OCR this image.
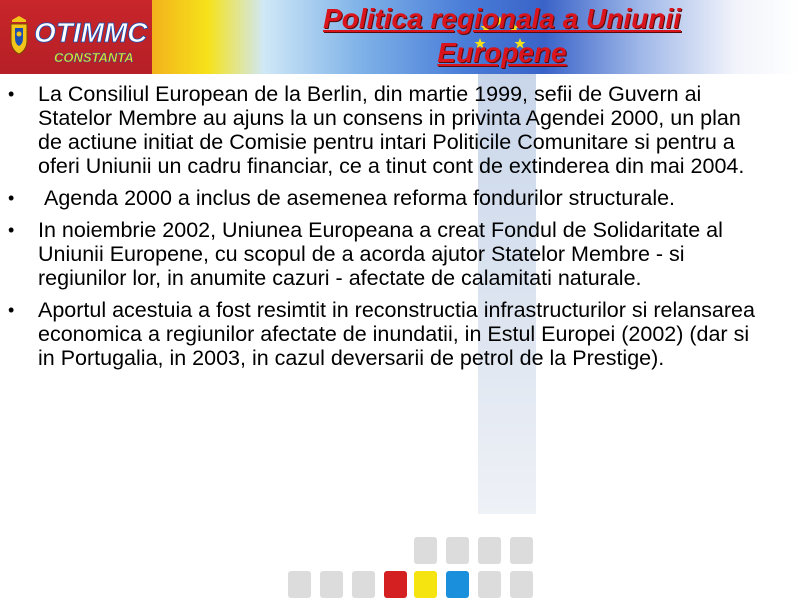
OTIMMC
CONSTANTA
Politica regionala a Uniunii Europene
• La Consiliul European de la Berlin, din martie 1999, sefii de Guvern ai Statelor Membre au ajuns la un consens in privinta Agendei 2000, un plan de actiune initiat de Comisie pentru intari Politicile Comunitare si pentru a oferi Uniunii un cadru financiar, ce a tinut cont de extinderea din mai 2004.
• Agenda 2000 a inclus de asemenea reforma fondurilor structurale.
• In noiembrie 2002, Uniunea Europeana a creat Fondul de Solidaritate al Uniunii Europene, cu scopul de a acorda ajutor Statelor Membre - si regiunilor lor, in anumite cazuri - afectate de calamitati naturale.
• Aportul acestuia a fost resimtit in reconstructia infrastructurilor si relansarea economica a regiunilor afectate de inundatii, in Estul Europei (2002) (dar si in Portugalia, in 2003, in cazul deversarii de petrol de la Prestige).
